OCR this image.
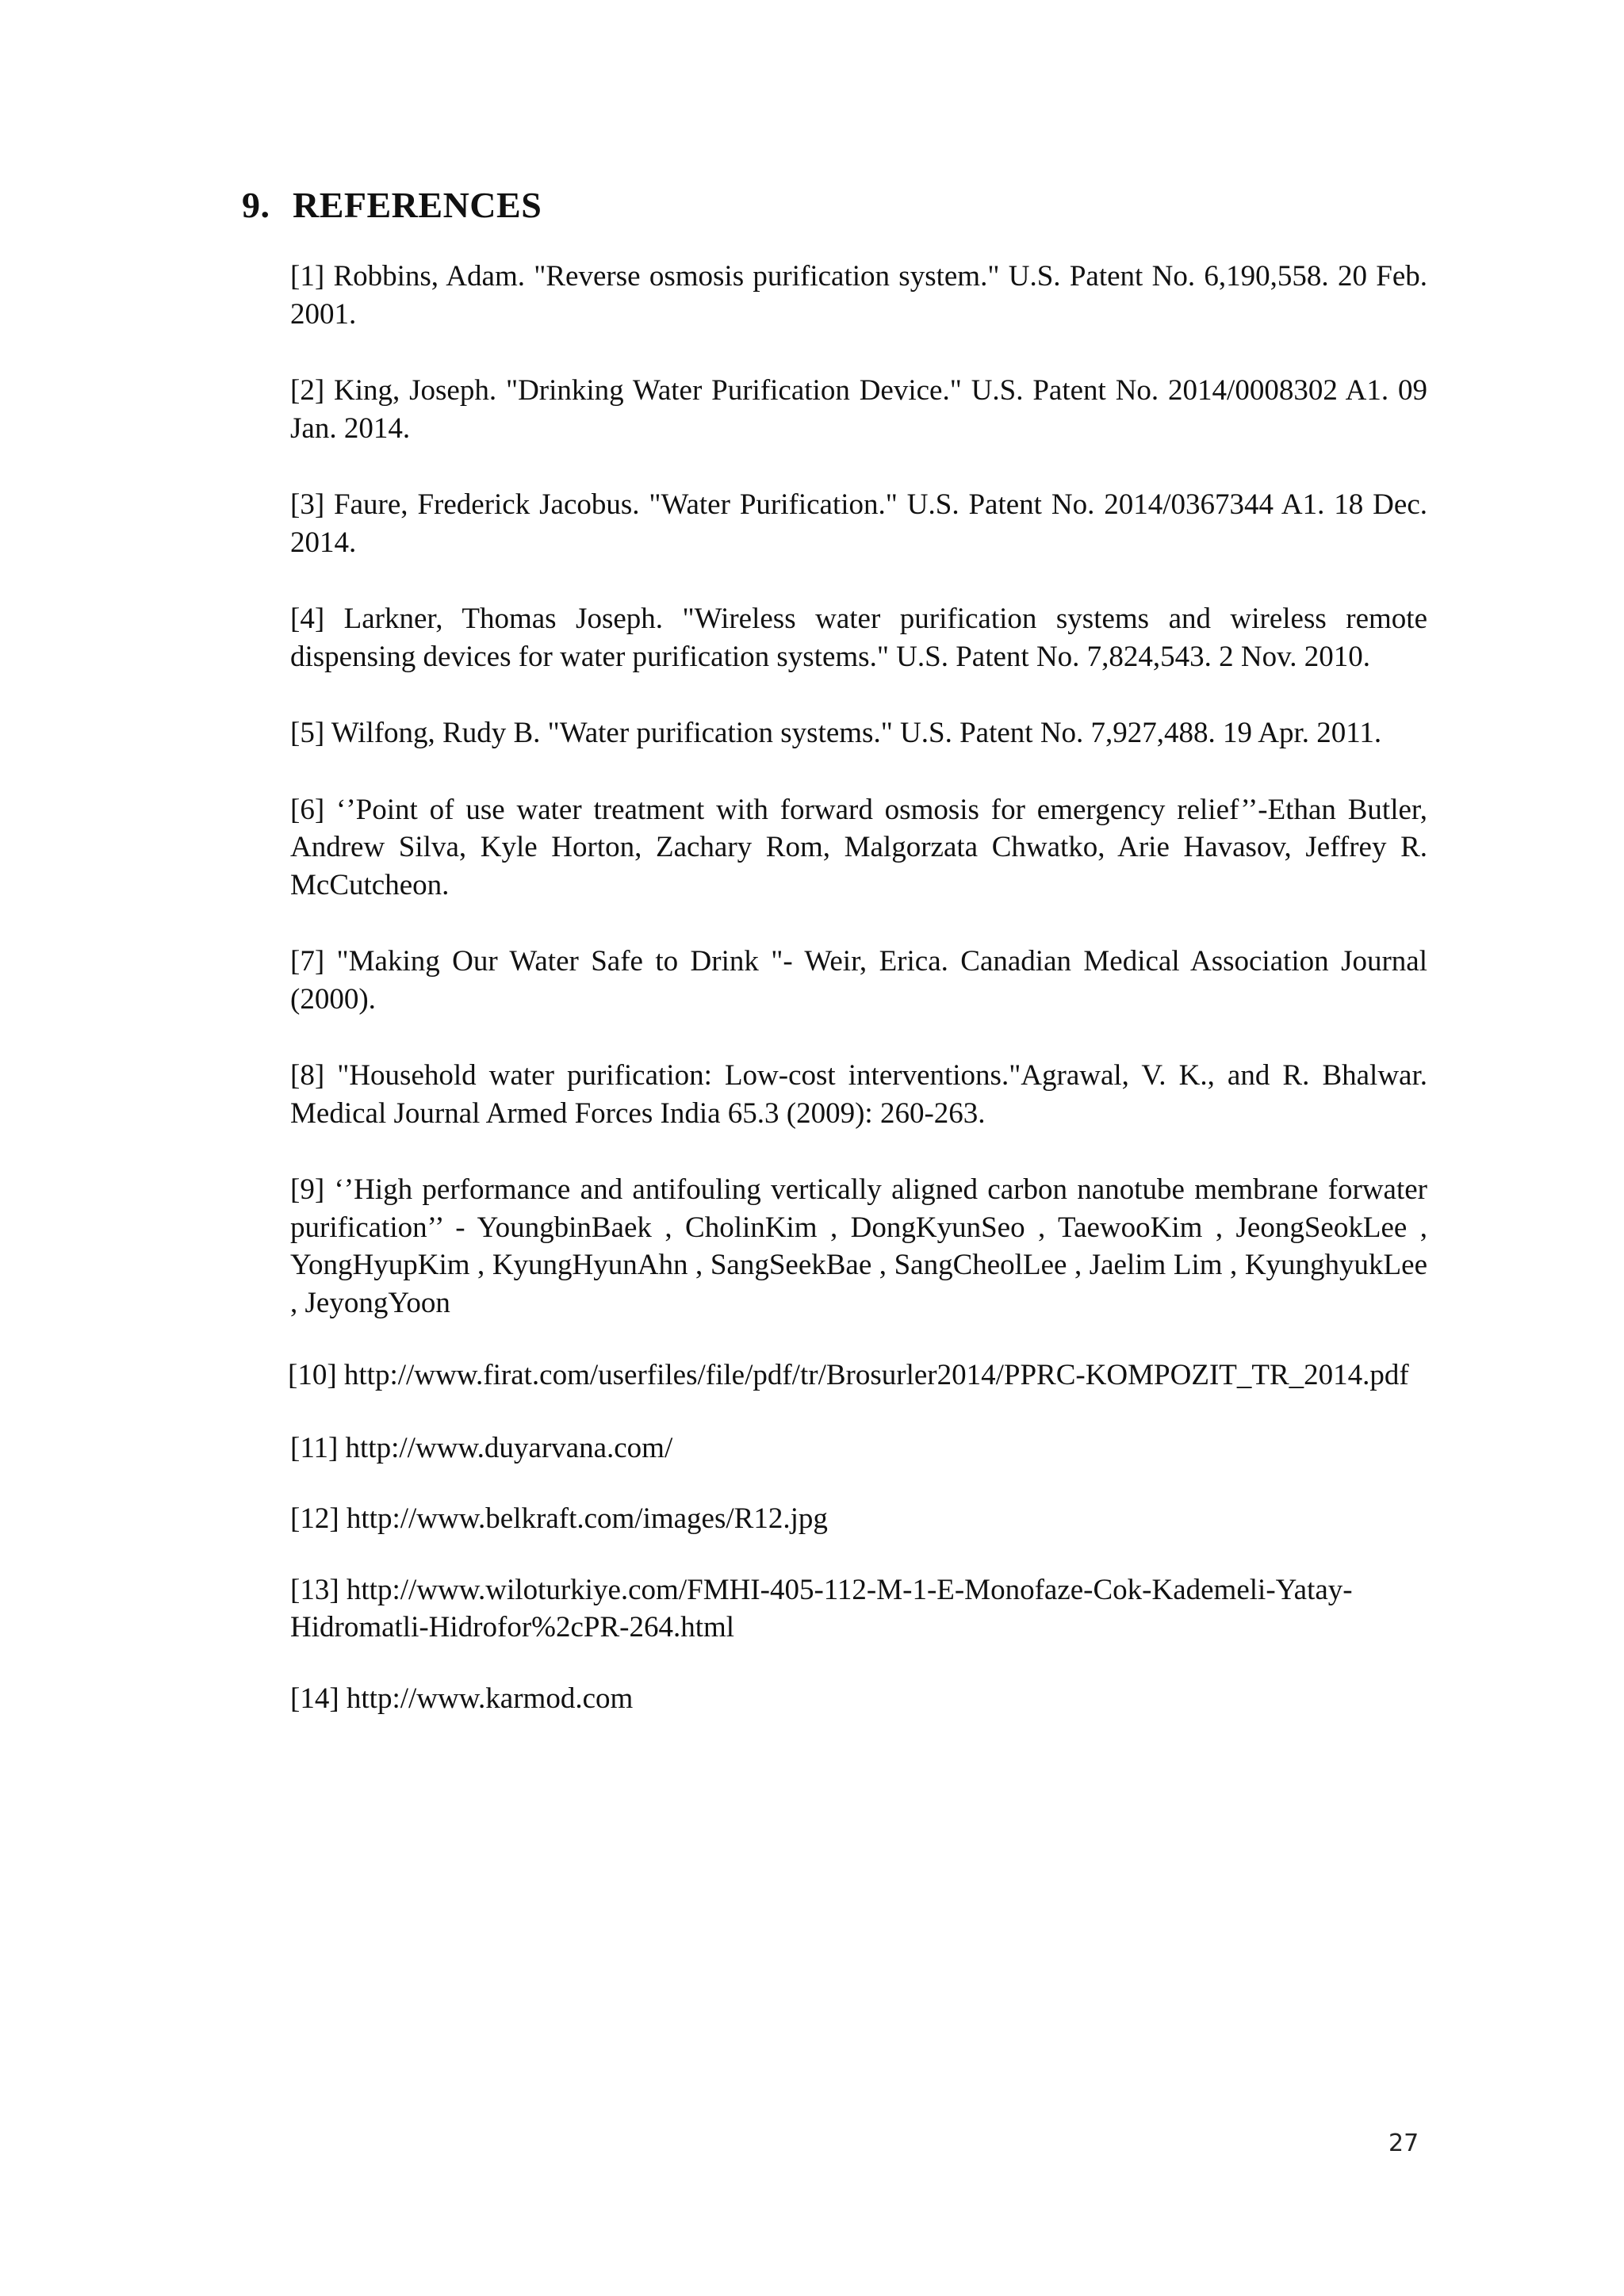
9. REFERENCES
[1] Robbins, Adam. "Reverse osmosis purification system." U.S. Patent No. 6,190,558. 20 Feb. 2001.
[2] King, Joseph. "Drinking Water Purification Device." U.S. Patent No. 2014/0008302 A1. 09 Jan. 2014.
[3] Faure, Frederick Jacobus. "Water Purification." U.S. Patent No. 2014/0367344 A1. 18 Dec. 2014.
[4] Larkner, Thomas Joseph. "Wireless water purification systems and wireless remote dispensing devices for water purification systems." U.S. Patent No. 7,824,543. 2 Nov. 2010.
[5] Wilfong, Rudy B. "Water purification systems." U.S. Patent No. 7,927,488. 19 Apr. 2011.
[6] ‘’Point of use water treatment with forward osmosis for emergency relief’’-Ethan Butler, Andrew Silva, Kyle Horton, Zachary Rom, Malgorzata Chwatko, Arie Havasov, Jeffrey R. McCutcheon.
[7] "Making Our Water Safe to Drink "- Weir, Erica. Canadian Medical Association Journal (2000).
[8] "Household water purification: Low-cost interventions."Agrawal, V. K., and R. Bhalwar. Medical Journal Armed Forces India 65.3 (2009): 260-263.
[9] ‘’High performance and antifouling vertically aligned carbon nanotube membrane forwater purification’’ - YoungbinBaek , CholinKim , DongKyunSeo , TaewooKim , JeongSeokLee , YongHyupKim , KyungHyunAhn , SangSeekBae , SangCheolLee , Jaelim Lim , KyunghyukLee , JeyongYoon
[10] http://www.firat.com/userfiles/file/pdf/tr/Brosurler2014/PPRC-KOMPOZIT_TR_2014.pdf
[11] http://www.duyarvana.com/
[12] http://www.belkraft.com/images/R12.jpg
[13] http://www.wiloturkiye.com/FMHI-405-112-M-1-E-Monofaze-Cok-Kademeli-Yatay-Hidromatli-Hidrofor%2cPR-264.html
[14] http://www.karmod.com
27
